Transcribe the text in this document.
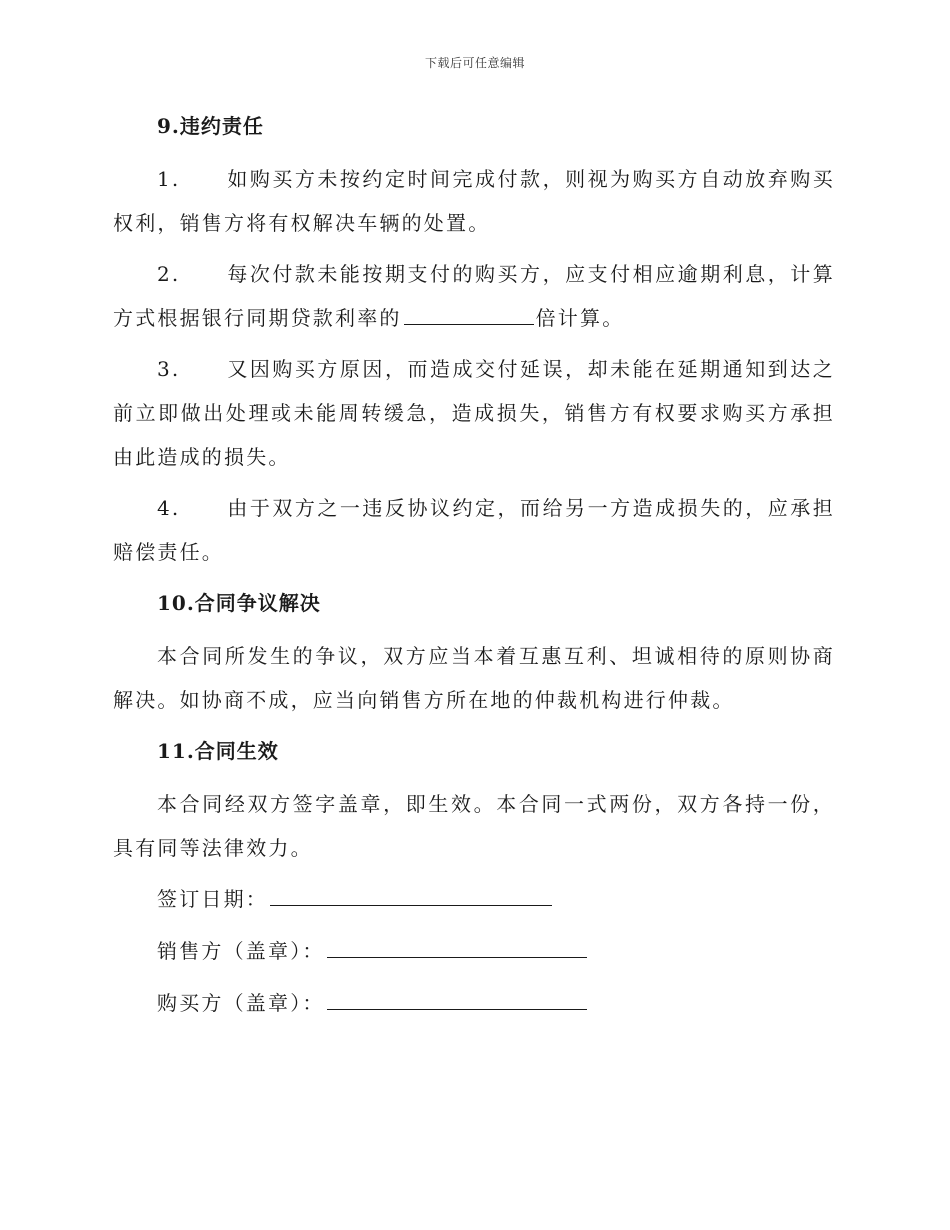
下载后可任意编辑
9.违约责任
1. 如购买方未按约定时间完成付款，则视为购买方自动放弃购买权利，销售方将有权解决车辆的处置。
2. 每次付款未能按期支付的购买方，应支付相应逾期利息，计算方式根据银行同期贷款利率的	倍计算。
3. 又因购买方原因，而造成交付延误，却未能在延期通知到达之前立即做出处理或未能周转缓急，造成损失，销售方有权要求购买方承担由此造成的损失。
4. 由于双方之一违反协议约定，而给另一方造成损失的，应承担赔偿责任。
10.合同争议解决
本合同所发生的争议，双方应当本着互惠互利、坦诚相待的原则协商解决。如协商不成，应当向销售方所在地的仲裁机构进行仲裁。
11.合同生效
本合同经双方签字盖章，即生效。本合同一式两份，双方各持一份，具有同等法律效力。
签订日期：
销售方（盖章）：
购买方（盖章）：
